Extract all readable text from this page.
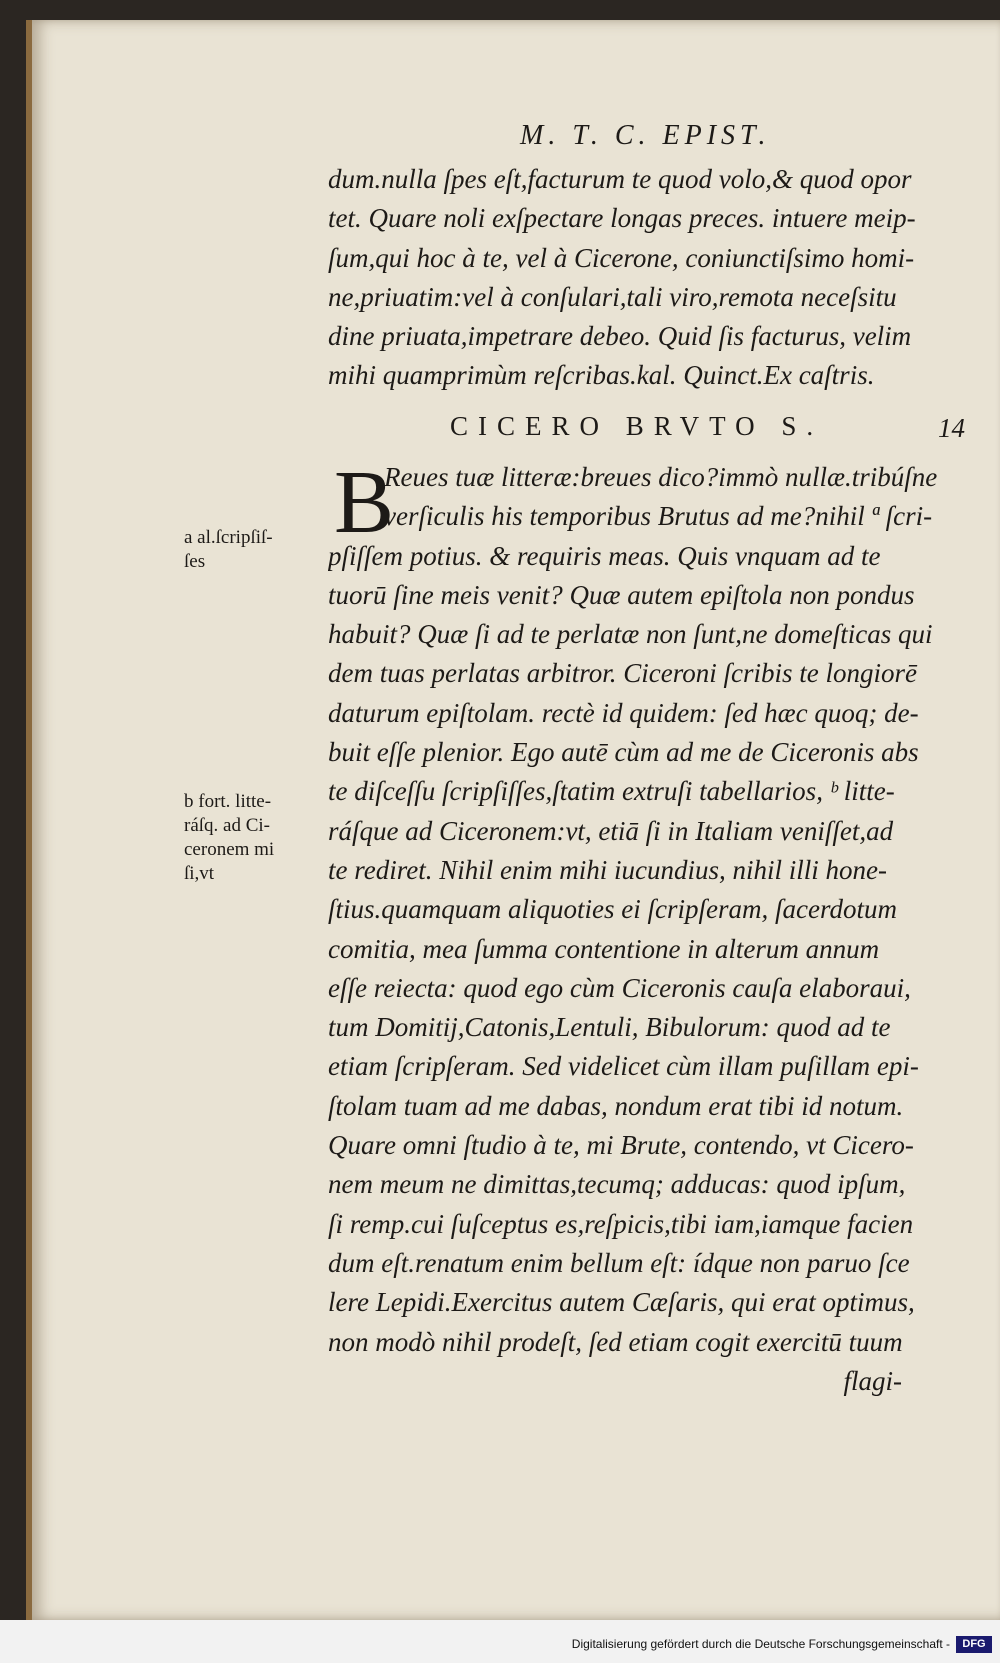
M. T. C. EPIST.
dum.nulla ſpes eſt,facturum te quod volo,& quod opor
tet. Quare noli exſpectare longas preces. intuere meip-
ſum,qui hoc à te, vel à Cicerone, coniunctiſsimo homi-
ne,priuatim:vel à conſulari,tali viro,remota neceſsitu
dine priuata,impetrare debeo. Quid ſis facturus, velim
mihi quamprimùm reſcribas.kal. Quinct.Ex caſtris.
CICERO BRVTO S.	14
B
Reues tuæ litteræ:breues dico?immò nullæ.tribúſne
verſiculis his temporibus Brutus ad me?nihil ª ſcri-
pſiſſem potius. & requiris meas. Quis vnquam ad te
tuorū ſine meis venit? Quæ autem epiſtola non pondus
habuit? Quæ ſi ad te perlatæ non ſunt,ne domeſticas qui
dem tuas perlatas arbitror. Ciceroni ſcribis te longiorē
daturum epiſtolam. rectè id quidem: ſed hæc quoq; de-
buit eſſe plenior. Ego autē cùm ad me de Ciceronis abs
te diſceſſu ſcripſiſſes,ſtatim extruſi tabellarios, ᵇ litte-
ráſque ad Ciceronem:vt, etiā ſi in Italiam veniſſet,ad
te rediret. Nihil enim mihi iucundius, nihil illi hone-
ſtius.quamquam aliquoties ei ſcripſeram, ſacerdotum
comitia, mea ſumma contentione in alterum annum
eſſe reiecta: quod ego cùm Ciceronis cauſa elaboraui,
tum Domitij,Catonis,Lentuli, Bibulorum: quod ad te
etiam ſcripſeram. Sed videlicet cùm illam puſillam epi-
ſtolam tuam ad me dabas, nondum erat tibi id notum.
Quare omni ſtudio à te, mi Brute, contendo, vt Cicero-
nem meum ne dimittas,tecumq; adducas: quod ipſum,
ſi remp.cui ſuſceptus es,reſpicis,tibi iam,iamque facien
dum eſt.renatum enim bellum eſt: ídque non paruo ſce
lere Lepidi.Exercitus autem Cæſaris, qui erat optimus,
non modò nihil prodeſt, ſed etiam cogit exercitū tuum
flagi-
a al.ſcripſiſ-
ſes
b fort. litte-
ráſq. ad Ci-
ceronem mi
ſi,vt
Digitalisierung gefördert durch die Deutsche Forschungsgemeinschaft -	DFG
